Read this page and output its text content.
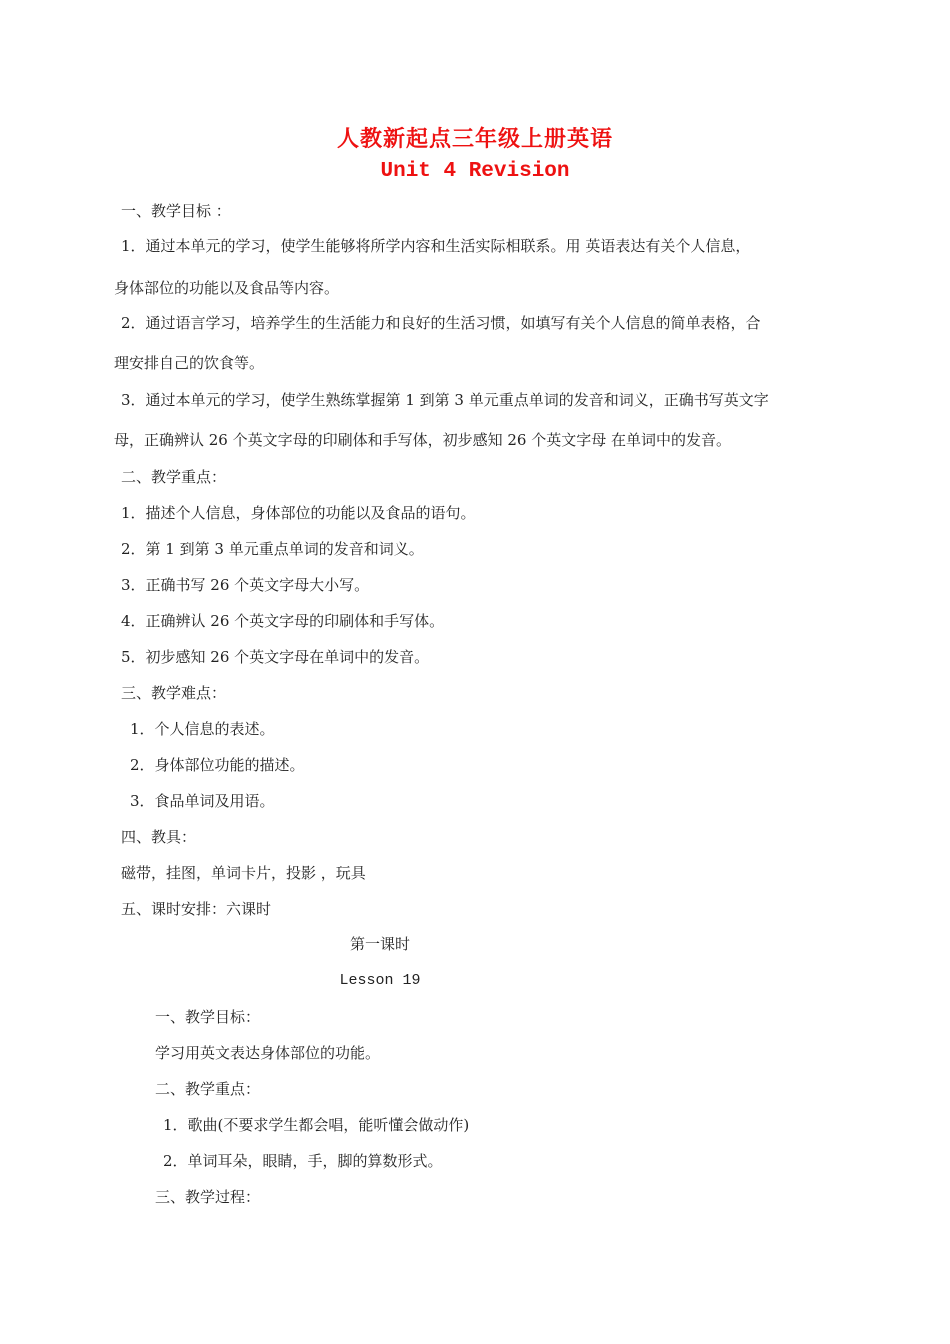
人教新起点三年级上册英语
Unit 4 Revision
一、教学目标 ：
1．通过本单元的学习，使学生能够将所学内容和生活实际相联系。用 英语表达有关个人信息，
身体部位的功能以及食品等内容。
2．通过语言学习，培养学生的生活能力和良好的生活习惯，如填写有关个人信息的简单表格，合
理安排自己的饮食等。
3．通过本单元的学习，使学生熟练掌握第 1 到第 3 单元重点单词的发音和词义，正确书写英文字
母，正确辨认 26 个英文字母的印刷体和手写体，初步感知 26 个英文字母 在单词中的发音。
二、教学重点：
1．描述个人信息，身体部位的功能以及食品的语句。
2．第 1 到第 3 单元重点单词的发音和词义。
3．正确书写 26 个英文字母大小写。
4．正确辨认 26 个英文字母的印刷体和手写体。
5．初步感知 26 个英文字母在单词中的发音。
三、教学难点：
1．个人信息的表述。
2．身体部位功能的描述。
3．食品单词及用语。
四、教具：
磁带，挂图，单词卡片，投影 ，玩具
五、课时安排：六课时
第一课时
Lesson 19
一、教学目标：
学习用英文表达身体部位的功能。
二、教学重点：
1．歌曲(不要求学生都会唱，能听懂会做动作)
2．单词耳朵，眼睛，手，脚的算数形式。
三、教学过程：
